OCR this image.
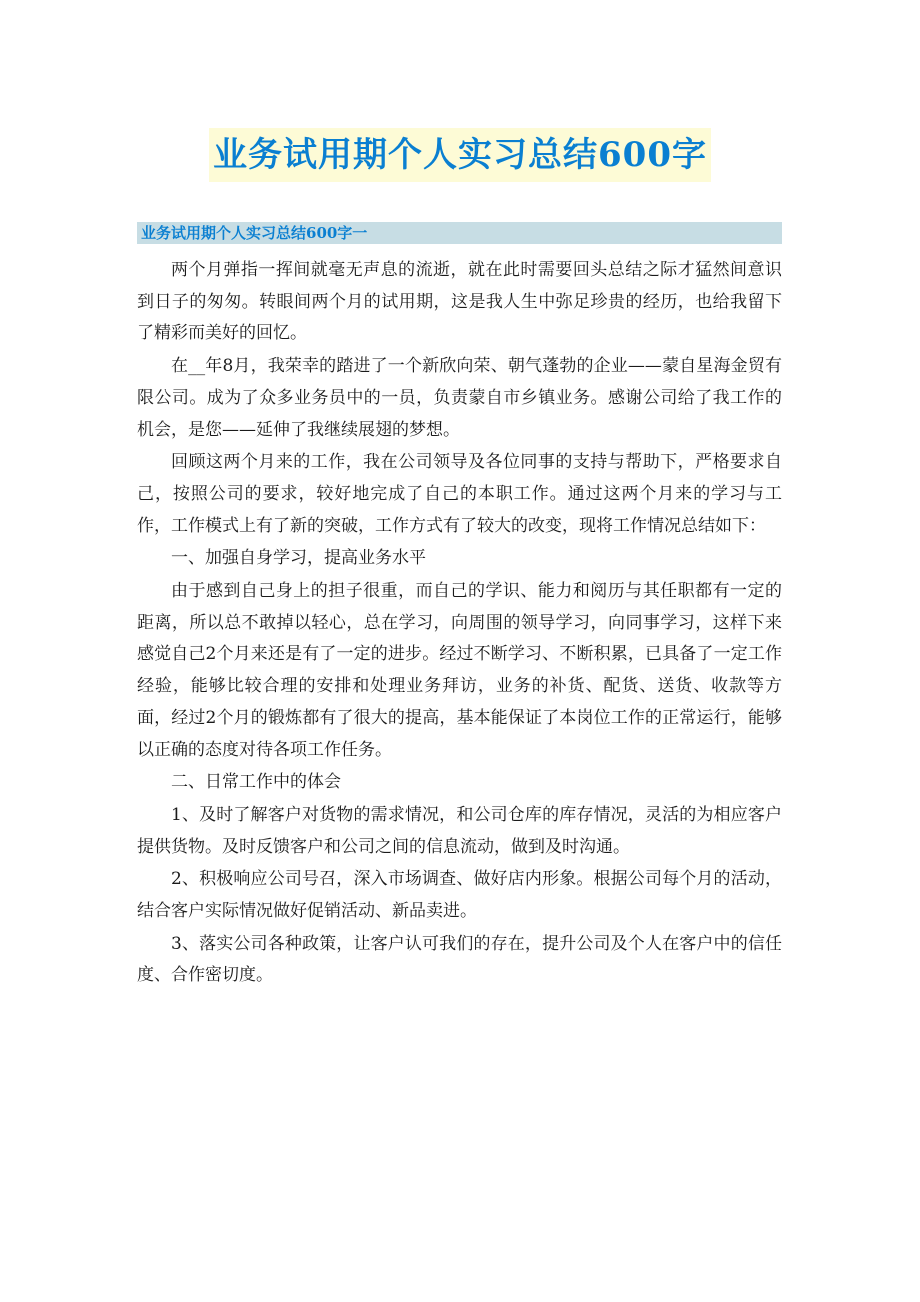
业务试用期个人实习总结600字
业务试用期个人实习总结600字一

两个月弹指一挥间就毫无声息的流逝，就在此时需要回头总结之际才猛然间意识到日子的匆匆。转眼间两个月的试用期，这是我人生中弥足珍贵的经历，也给我留下了精彩而美好的回忆。

在__年8月，我荣幸的踏进了一个新欣向荣、朝气蓬勃的企业——蒙自星海金贸有限公司。成为了众多业务员中的一员，负责蒙自市乡镇业务。感谢公司给了我工作的机会，是您——延伸了我继续展翅的梦想。

回顾这两个月来的工作，我在公司领导及各位同事的支持与帮助下，严格要求自己，按照公司的要求，较好地完成了自己的本职工作。通过这两个月来的学习与工作，工作模式上有了新的突破，工作方式有了较大的改变，现将工作情况总结如下：

一、加强自身学习，提高业务水平

由于感到自己身上的担子很重，而自己的学识、能力和阅历与其任职都有一定的距离，所以总不敢掉以轻心，总在学习，向周围的领导学习，向同事学习，这样下来感觉自己2个月来还是有了一定的进步。经过不断学习、不断积累，已具备了一定工作经验，能够比较合理的安排和处理业务拜访，业务的补货、配货、送货、收款等方面，经过2个月的锻炼都有了很大的提高，基本能保证了本岗位工作的正常运行，能够以正确的态度对待各项工作任务。

二、日常工作中的体会

1、及时了解客户对货物的需求情况，和公司仓库的库存情况，灵活的为相应客户提供货物。及时反馈客户和公司之间的信息流动，做到及时沟通。

2、积极响应公司号召，深入市场调查、做好店内形象。根据公司每个月的活动，结合客户实际情况做好促销活动、新品卖进。

3、落实公司各种政策，让客户认可我们的存在，提升公司及个人在客户中的信任度、合作密切度。
